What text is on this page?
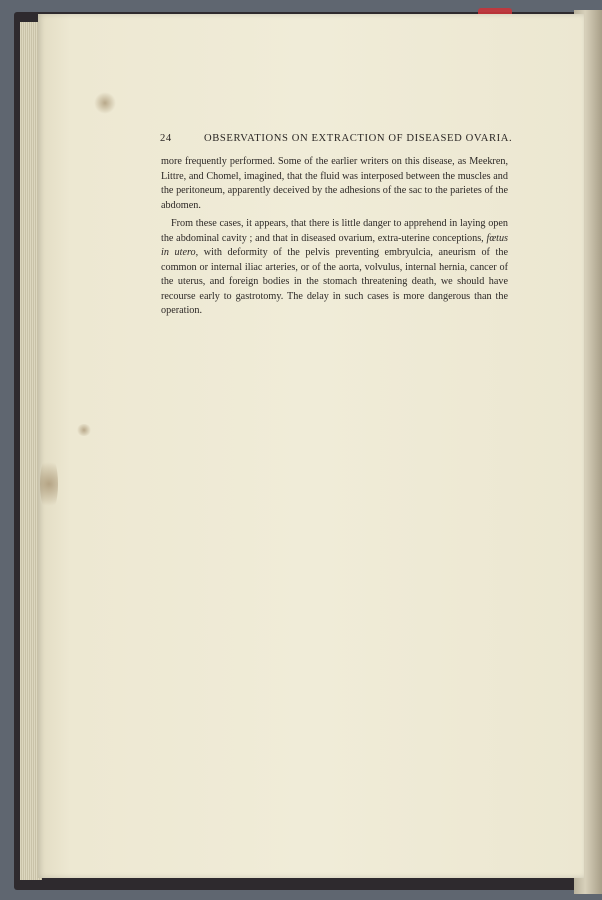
24	OBSERVATIONS ON EXTRACTION OF DISEASED OVARIA.

more frequently performed. Some of the earlier writers on this disease, as Meekren, Littre, and Chomel, imagined, that the fluid was interposed between the muscles and the peritoneum, apparently deceived by the adhesions of the sac to the parietes of the abdomen.

From these cases, it appears, that there is little danger to apprehend in laying open the abdominal cavity ; and that in diseased ovarium, extra-uterine conceptions, fœtus in utero, with deformity of the pelvis preventing embryulcia, aneurism of the common or internal iliac arteries, or of the aorta, volvulus, internal hernia, cancer of the uterus, and foreign bodies in the stomach threatening death, we should have recourse early to gastrotomy. The delay in such cases is more dangerous than the operation.
